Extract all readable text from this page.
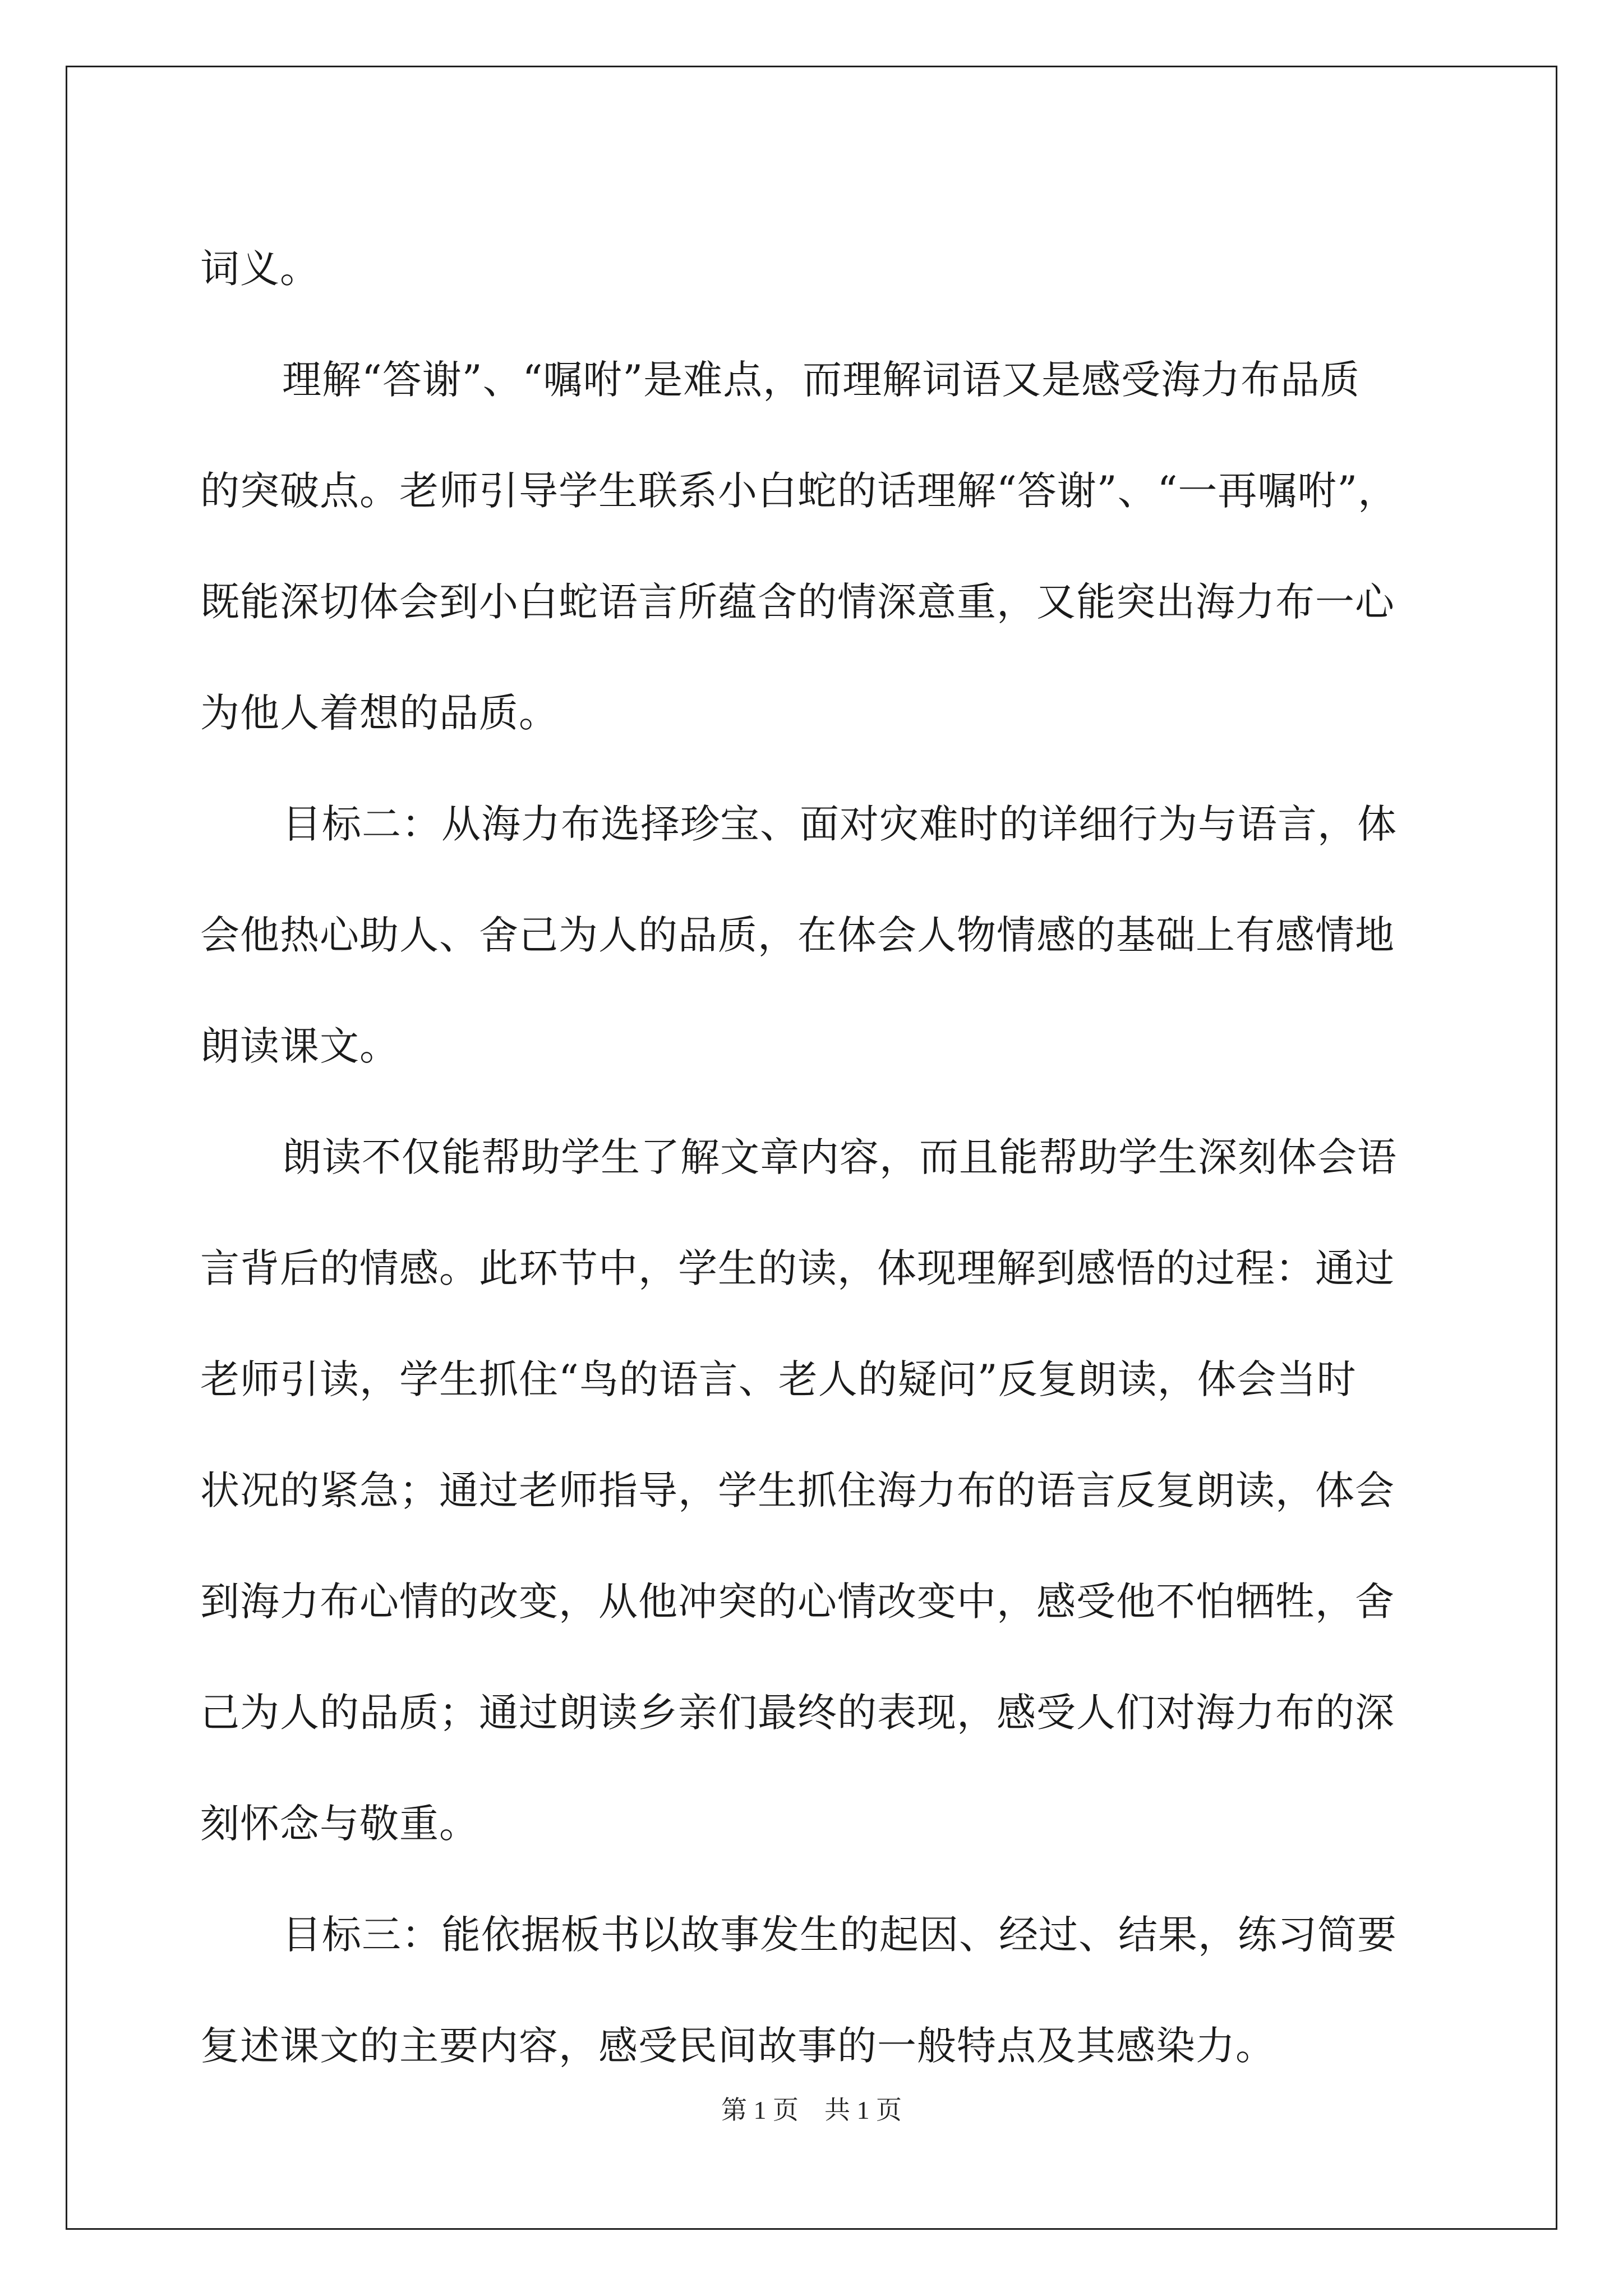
词义。

理解“答谢”、“嘱咐”是难点，而理解词语又是感受海力布品质
的突破点。老师引导学生联系小白蛇的话理解“答谢”、“一再嘱咐”，
既能深切体会到小白蛇语言所蕴含的情深意重，又能突出海力布一心
为他人着想的品质。

目标二：从海力布选择珍宝、面对灾难时的详细行为与语言，体
会他热心助人、舍己为人的品质，在体会人物情感的基础上有感情地
朗读课文。

朗读不仅能帮助学生了解文章内容，而且能帮助学生深刻体会语
言背后的情感。此环节中，学生的读，体现理解到感悟的过程：通过
老师引读，学生抓住“鸟的语言、老人的疑问”反复朗读，体会当时
状况的紧急；通过老师指导，学生抓住海力布的语言反复朗读，体会
到海力布心情的改变，从他冲突的心情改变中，感受他不怕牺牲，舍
己为人的品质；通过朗读乡亲们最终的表现，感受人们对海力布的深
刻怀念与敬重。

目标三：能依据板书以故事发生的起因、经过、结果，练习简要
复述课文的主要内容，感受民间故事的一般特点及其感染力。

第 1 页　共 1 页
